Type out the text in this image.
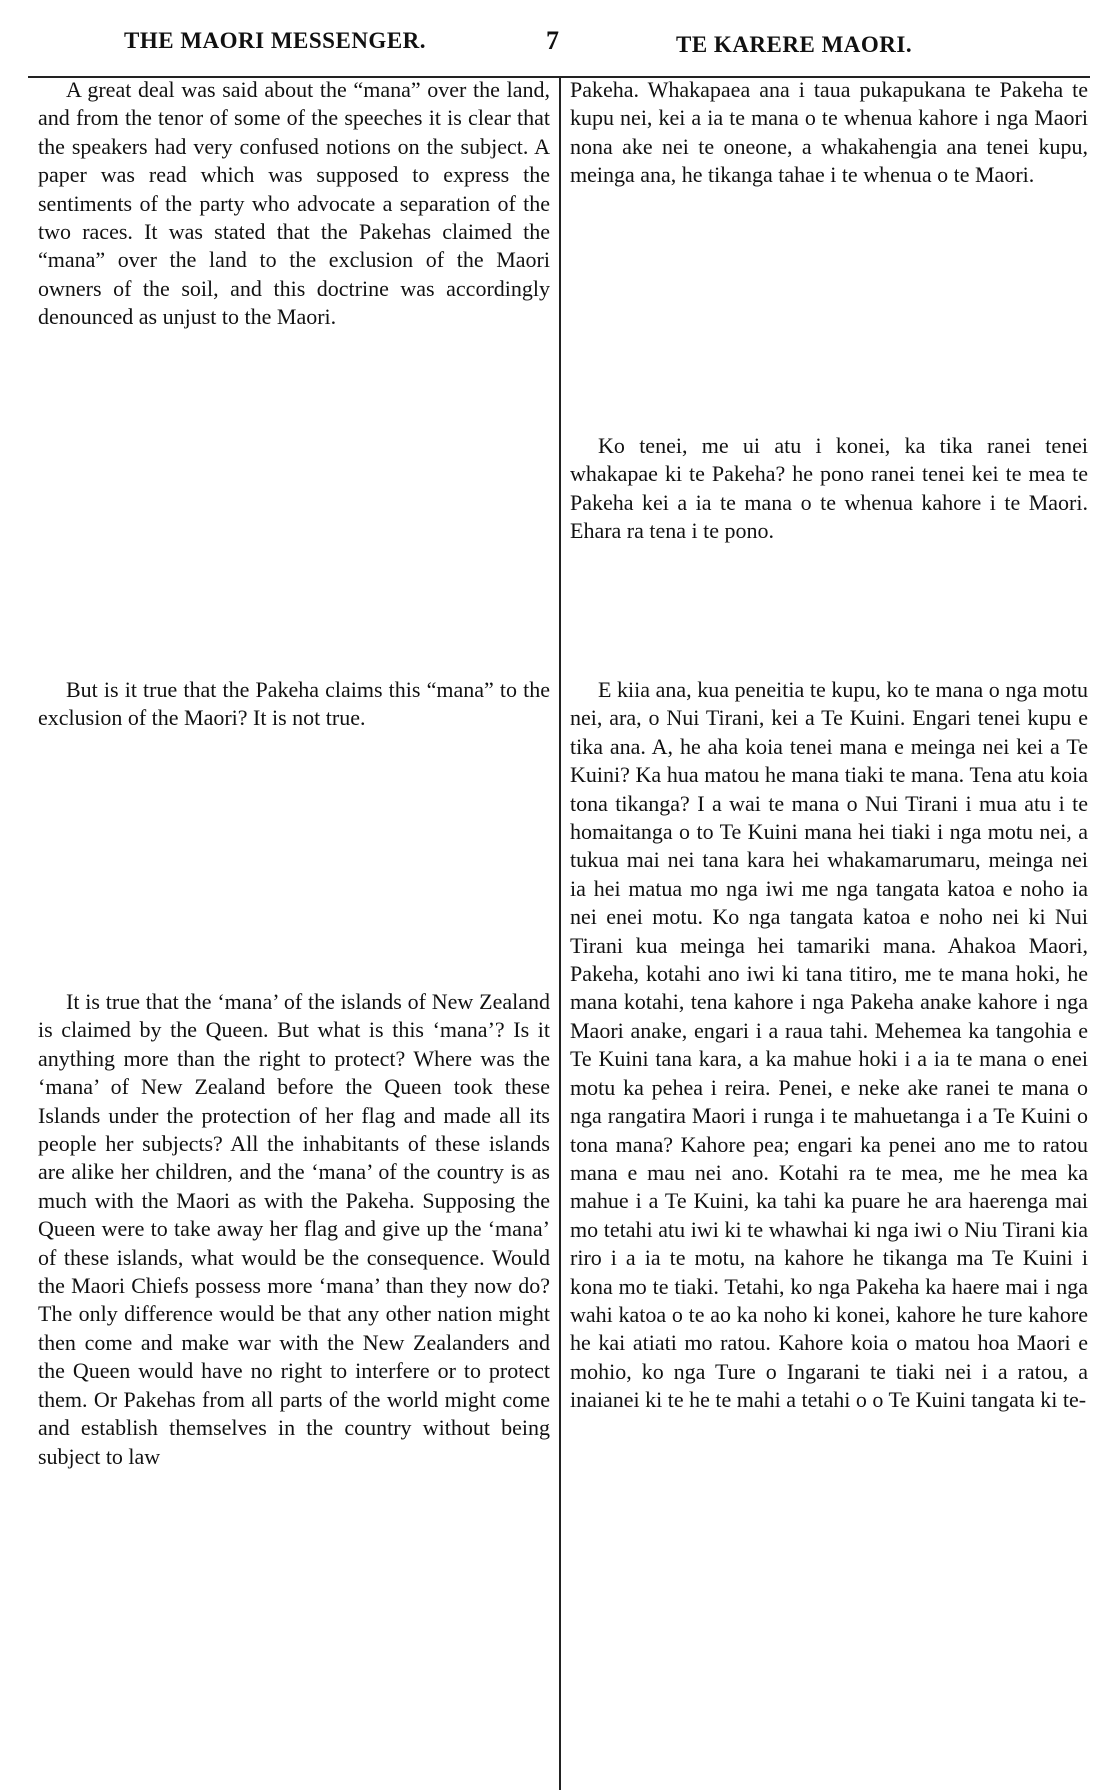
THE MAORI MESSENGER.	7	TE KARERE MAORI.

A great deal was said about the “mana” over the land, and from the tenor of some of the speeches it is clear that the speakers had very confused notions on the subject. A paper was read which was supposed to express the sentiments of the party who advocate a separation of the two races. It was stated that the Pakehas claimed the “mana” over the land to the exclusion of the Maori owners of the soil, and this doctrine was accordingly denounced as unjust to the Maori.

But is it true that the Pakeha claims this “mana” to the exclusion of the Maori? It is not true.

It is true that the ‘mana’ of the islands of New Zealand is claimed by the Queen. But what is this ‘mana’? Is it anything more than the right to protect? Where was the ‘mana’ of New Zealand before the Queen took these Islands under the protection of her flag and made all its people her subjects? All the inhabitants of these islands are alike her children, and the ‘mana’ of the country is as much with the Maori as with the Pakeha. Supposing the Queen were to take away her flag and give up the ‘mana’ of these islands, what would be the consequence. Would the Maori Chiefs possess more ‘mana’ than they now do? The only difference would be that any other nation might then come and make war with the New Zealanders and the Queen would have no right to interfere or to protect them. Or Pakehas from all parts of the world might come and establish themselves in the country without being subject to law

Pakeha. Whakapaea ana i taua pukapukana te Pakeha te kupu nei, kei a ia te mana o te whenua kahore i nga Maori nona ake nei te oneone, a whakahengia ana tenei kupu, meinga ana, he tikanga tahae i te whenua o te Maori.

Ko tenei, me ui atu i konei, ka tika ranei tenei whakapae ki te Pakeha? he pono ranei tenei kei te mea te Pakeha kei a ia te mana o te whenua kahore i te Maori. Ehara ra tena i te pono.

E kiia ana, kua peneitia te kupu, ko te mana o nga motu nei, ara, o Nui Tirani, kei a Te Kuini. Engari tenei kupu e tika ana. A, he aha koia tenei mana e meinga nei kei a Te Kuini? Ka hua matou he mana tiaki te mana. Tena atu koia tona tikanga? I a wai te mana o Nui Tirani i mua atu i te homaitanga o to Te Kuini mana hei tiaki i nga motu nei, a tukua mai nei tana kara hei whakamarumaru, meinga nei ia hei matua mo nga iwi me nga tangata katoa e noho ia nei enei motu. Ko nga tangata katoa e noho nei ki Nui Tirani kua meinga hei tamariki mana. Ahakoa Maori, Pakeha, kotahi ano iwi ki tana titiro, me te mana hoki, he mana kotahi, tena kahore i nga Pakeha anake kahore i nga Maori anake, engari i a raua tahi. Mehemea ka tangohia e Te Kuini tana kara, a ka mahue hoki i a ia te mana o enei motu ka pehea i reira. Penei, e neke ake ranei te mana o nga rangatira Maori i runga i te mahuetanga i a Te Kuini o tona mana? Kahore pea; engari ka penei ano me to ratou mana e mau nei ano. Kotahi ra te mea, me he mea ka mahue i a Te Kuini, ka tahi ka puare he ara haerenga mai mo tetahi atu iwi ki te whawhai ki nga iwi o Niu Tirani kia riro i a ia te motu, na kahore he tikanga ma Te Kuini i kona mo te tiaki. Tetahi, ko nga Pakeha ka haere mai i nga wahi katoa o te ao ka noho ki konei, kahore he ture kahore he kai atiati mo ratou. Kahore koia o matou hoa Maori e mohio, ko nga Ture o Ingarani te tiaki nei i a ratou, a inaianei ki te he te mahi a tetahi o o Te Kuini tangata ki te-
